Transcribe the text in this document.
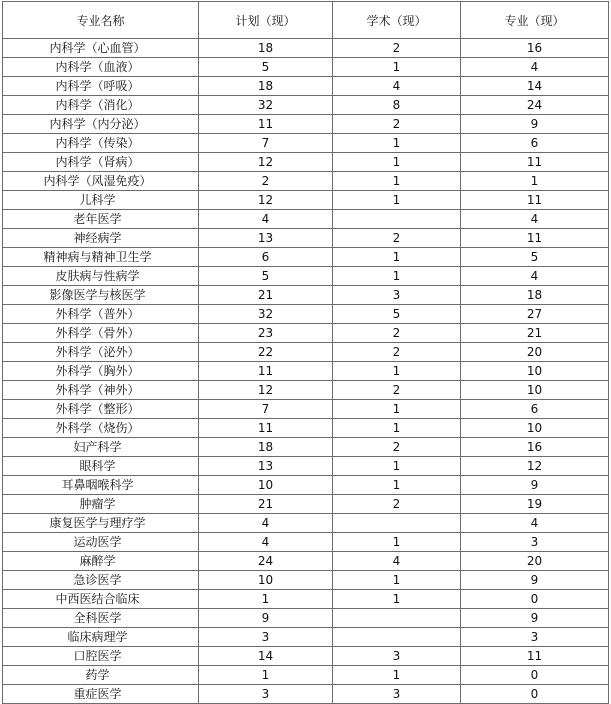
专业名称	计划（现）	学术（现）	专业（现）
内科学（心血管）	18	2	16
内科学（血液）	5	1	4
内科学（呼吸）	18	4	14
内科学（消化）	32	8	24
内科学（内分泌）	11	2	9
内科学（传染）	7	1	6
内科学（肾病）	12	1	11
内科学（风湿免疫）	2	1	1
儿科学	12	1	11
老年医学	4		4
神经病学	13	2	11
精神病与精神卫生学	6	1	5
皮肤病与性病学	5	1	4
影像医学与核医学	21	3	18
外科学（普外）	32	5	27
外科学（骨外）	23	2	21
外科学（泌外）	22	2	20
外科学（胸外）	11	1	10
外科学（神外）	12	2	10
外科学（整形）	7	1	6
外科学（烧伤）	11	1	10
妇产科学	18	2	16
眼科学	13	1	12
耳鼻咽喉科学	10	1	9
肿瘤学	21	2	19
康复医学与理疗学	4		4
运动医学	4	1	3
麻醉学	24	4	20
急诊医学	10	1	9
中西医结合临床	1	1	0
全科医学	9		9
临床病理学	3		3
口腔医学	14	3	11
药学	1	1	0
重症医学	3	3	0
